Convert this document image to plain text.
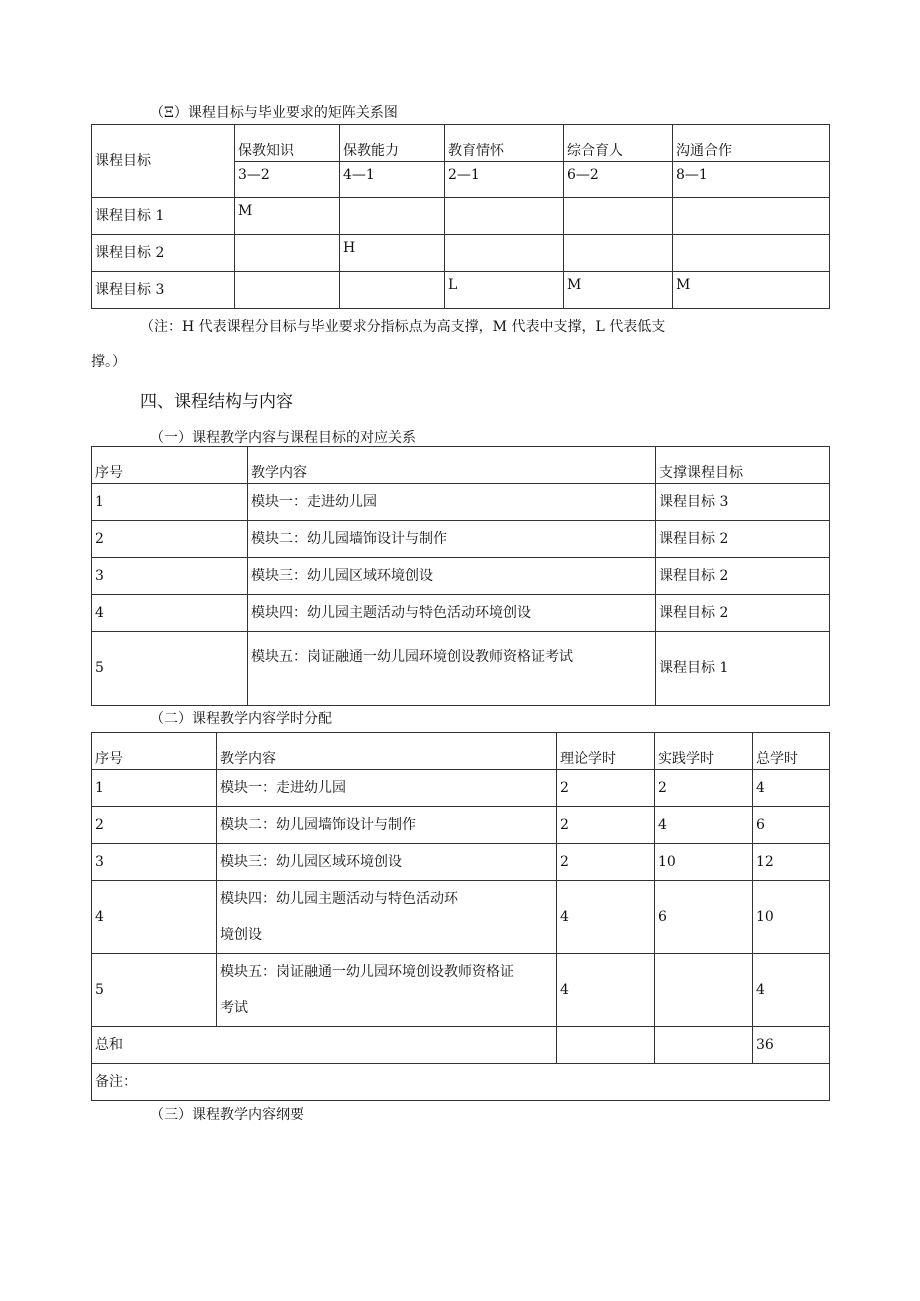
（Ξ）课程目标与毕业要求的矩阵关系图
课程目标	保教知识	保教能力	教育情怀	综合育人	沟通合作
	3—2	4—1	2—1	6—2	8—1
课程目标 1	M				
课程目标 2		H			
课程目标 3			L	M	M
（注：H 代表课程分目标与毕业要求分指标点为高支撑，M 代表中支撑，L 代表低支
撑。）
四、课程结构与内容
（一）课程教学内容与课程目标的对应关系
序号	教学内容	支撑课程目标
1	模块一：走进幼儿园	课程目标 3
2	模块二：幼儿园墙饰设计与制作	课程目标 2
3	模块三：幼儿园区域环境创设	课程目标 2
4	模块四：幼儿园主题活动与特色活动环境创设	课程目标 2
5	模块五：岗证融通一幼儿园环境创设教师资格证考试	课程目标 1
（二）课程教学内容学时分配
序号	教学内容	理论学时	实践学时	总学时
1	模块一：走进幼儿园	2	2	4
2	模块二：幼儿园墙饰设计与制作	2	4	6
3	模块三：幼儿园区域环境创设	2	10	12
4	模块四：幼儿园主题活动与特色活动环
境创设	4	6	10
5	模块五：岗证融通一幼儿园环境创设教师资格证
考试	4		4
总和				36
备注：				
（三）课程教学内容纲要
